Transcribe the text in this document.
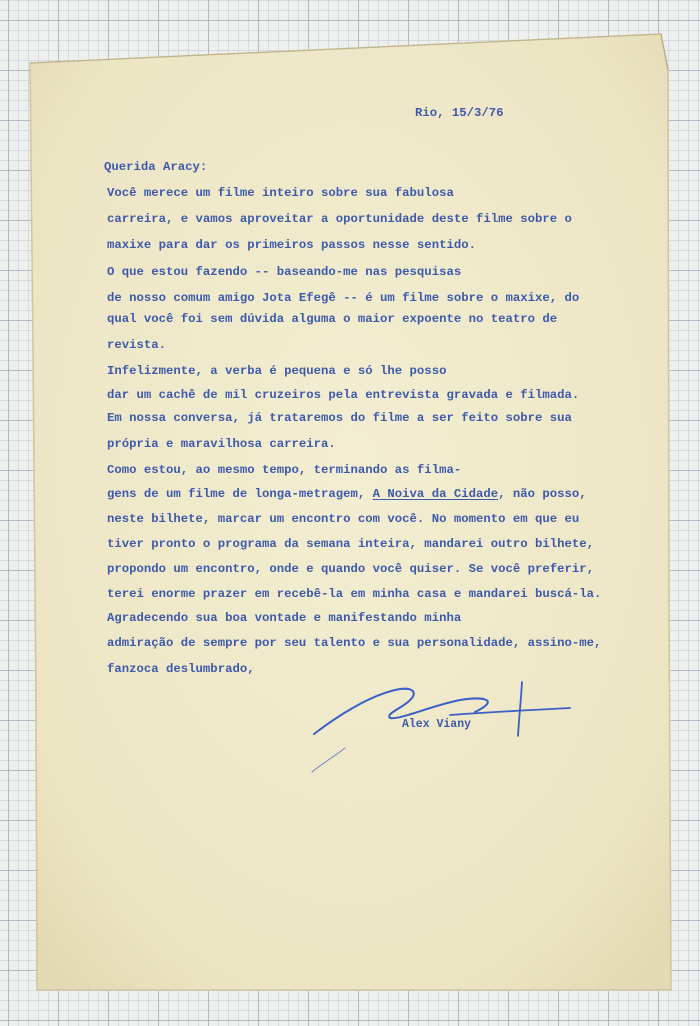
Rio, 15/3/76

Querida Aracy:

Você merece um filme inteiro sobre sua fabulosa

carreira, e vamos aproveitar a oportunidade deste filme sobre o

maxixe para dar os primeiros passos nesse sentido.

O que estou fazendo -- baseando-me nas pesquisas

de nosso comum amigo Jota Efegê -- é um filme sobre o maxixe, do

qual você foi sem dúvida alguma o maior expoente no teatro de

revista.

Infelizmente, a verba é pequena e só lhe posso

dar um cachê de mil cruzeiros pela entrevista gravada e filmada.

Em nossa conversa, já trataremos do filme a ser feito sobre sua

própria e maravilhosa carreira.

Como estou, ao mesmo tempo, terminando as filma-

gens de um filme de longa-metragem, A Noiva da Cidade, não posso,

neste bilhete, marcar um encontro com você. No momento em que eu

tiver pronto o programa da semana inteira, mandarei outro bilhete,

propondo um encontro, onde e quando você quiser. Se você preferir,

terei enorme prazer em recebê-la em minha casa e mandarei buscá-la.

Agradecendo sua boa vontade e manifestando minha

admiração de sempre por seu talento e sua personalidade, assino-me,

fanzoca deslumbrado,

Alex Viany
